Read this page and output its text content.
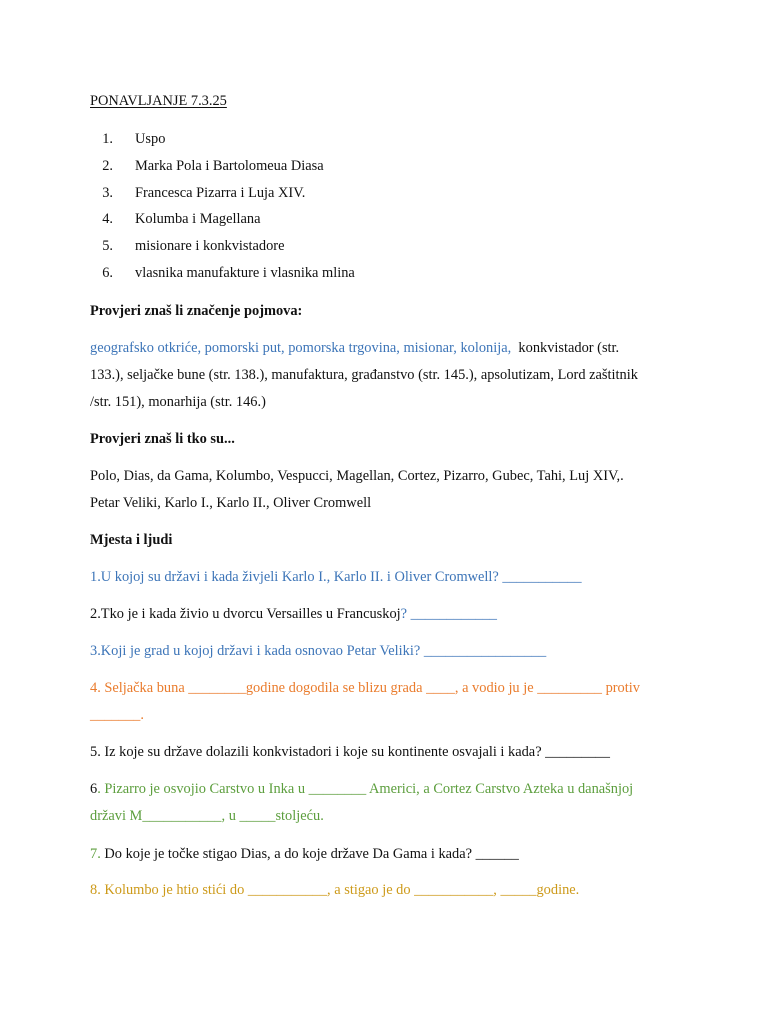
PONAVLJANJE 7.3.25
1. Uspo
2. Marka Pola i Bartolomeua Diasa
3. Francesca Pizarra i Luja XIV.
4. Kolumba i Magellana
5. misionare i konkvistadore
6. vlasnika manufakture i vlasnika mlina

Provjeri znaš li značenje pojmova:

geografsko otkriće, pomorski put, pomorska trgovina, misionar, kolonija, konkvistador (str.

133.), seljačke bune (str. 138.), manufaktura, građanstvo (str. 145.), apsolutizam, Lord zaštitnik

/str. 151), monarhija (str. 146.)

Provjeri znaš li tko su...

Polo, Dias, da Gama, Kolumbo, Vespucci, Magellan, Cortez, Pizarro, Gubec, Tahi, Luj XIV,.

Petar Veliki, Karlo I., Karlo II., Oliver Cromwell

Mjesta i ljudi

1.U kojoj su državi i kada živjeli Karlo I., Karlo II. i Oliver Cromwell? ___________

2.Tko je i kada živio u dvorcu Versailles u Francuskoj? ____________

3.Koji je grad u kojoj državi i kada osnovao Petar Veliki? _________________

4. Seljačka buna ________godine dogodila se blizu grada ____, a vodio ju je _________ protiv

_______.

5. Iz koje su države dolazili konkvistadori i koje su kontinente osvajali i kada? _________

6. Pizarro je osvojio Carstvo u Inka u ________ Americi, a Cortez Carstvo Azteka u današnjoj

državi M___________, u _____stoljeću.

7. Do koje je točke stigao Dias, a do koje države Da Gama i kada? ______

8. Kolumbo je htio stići do ___________, a stigao je do ___________, _____godine.
